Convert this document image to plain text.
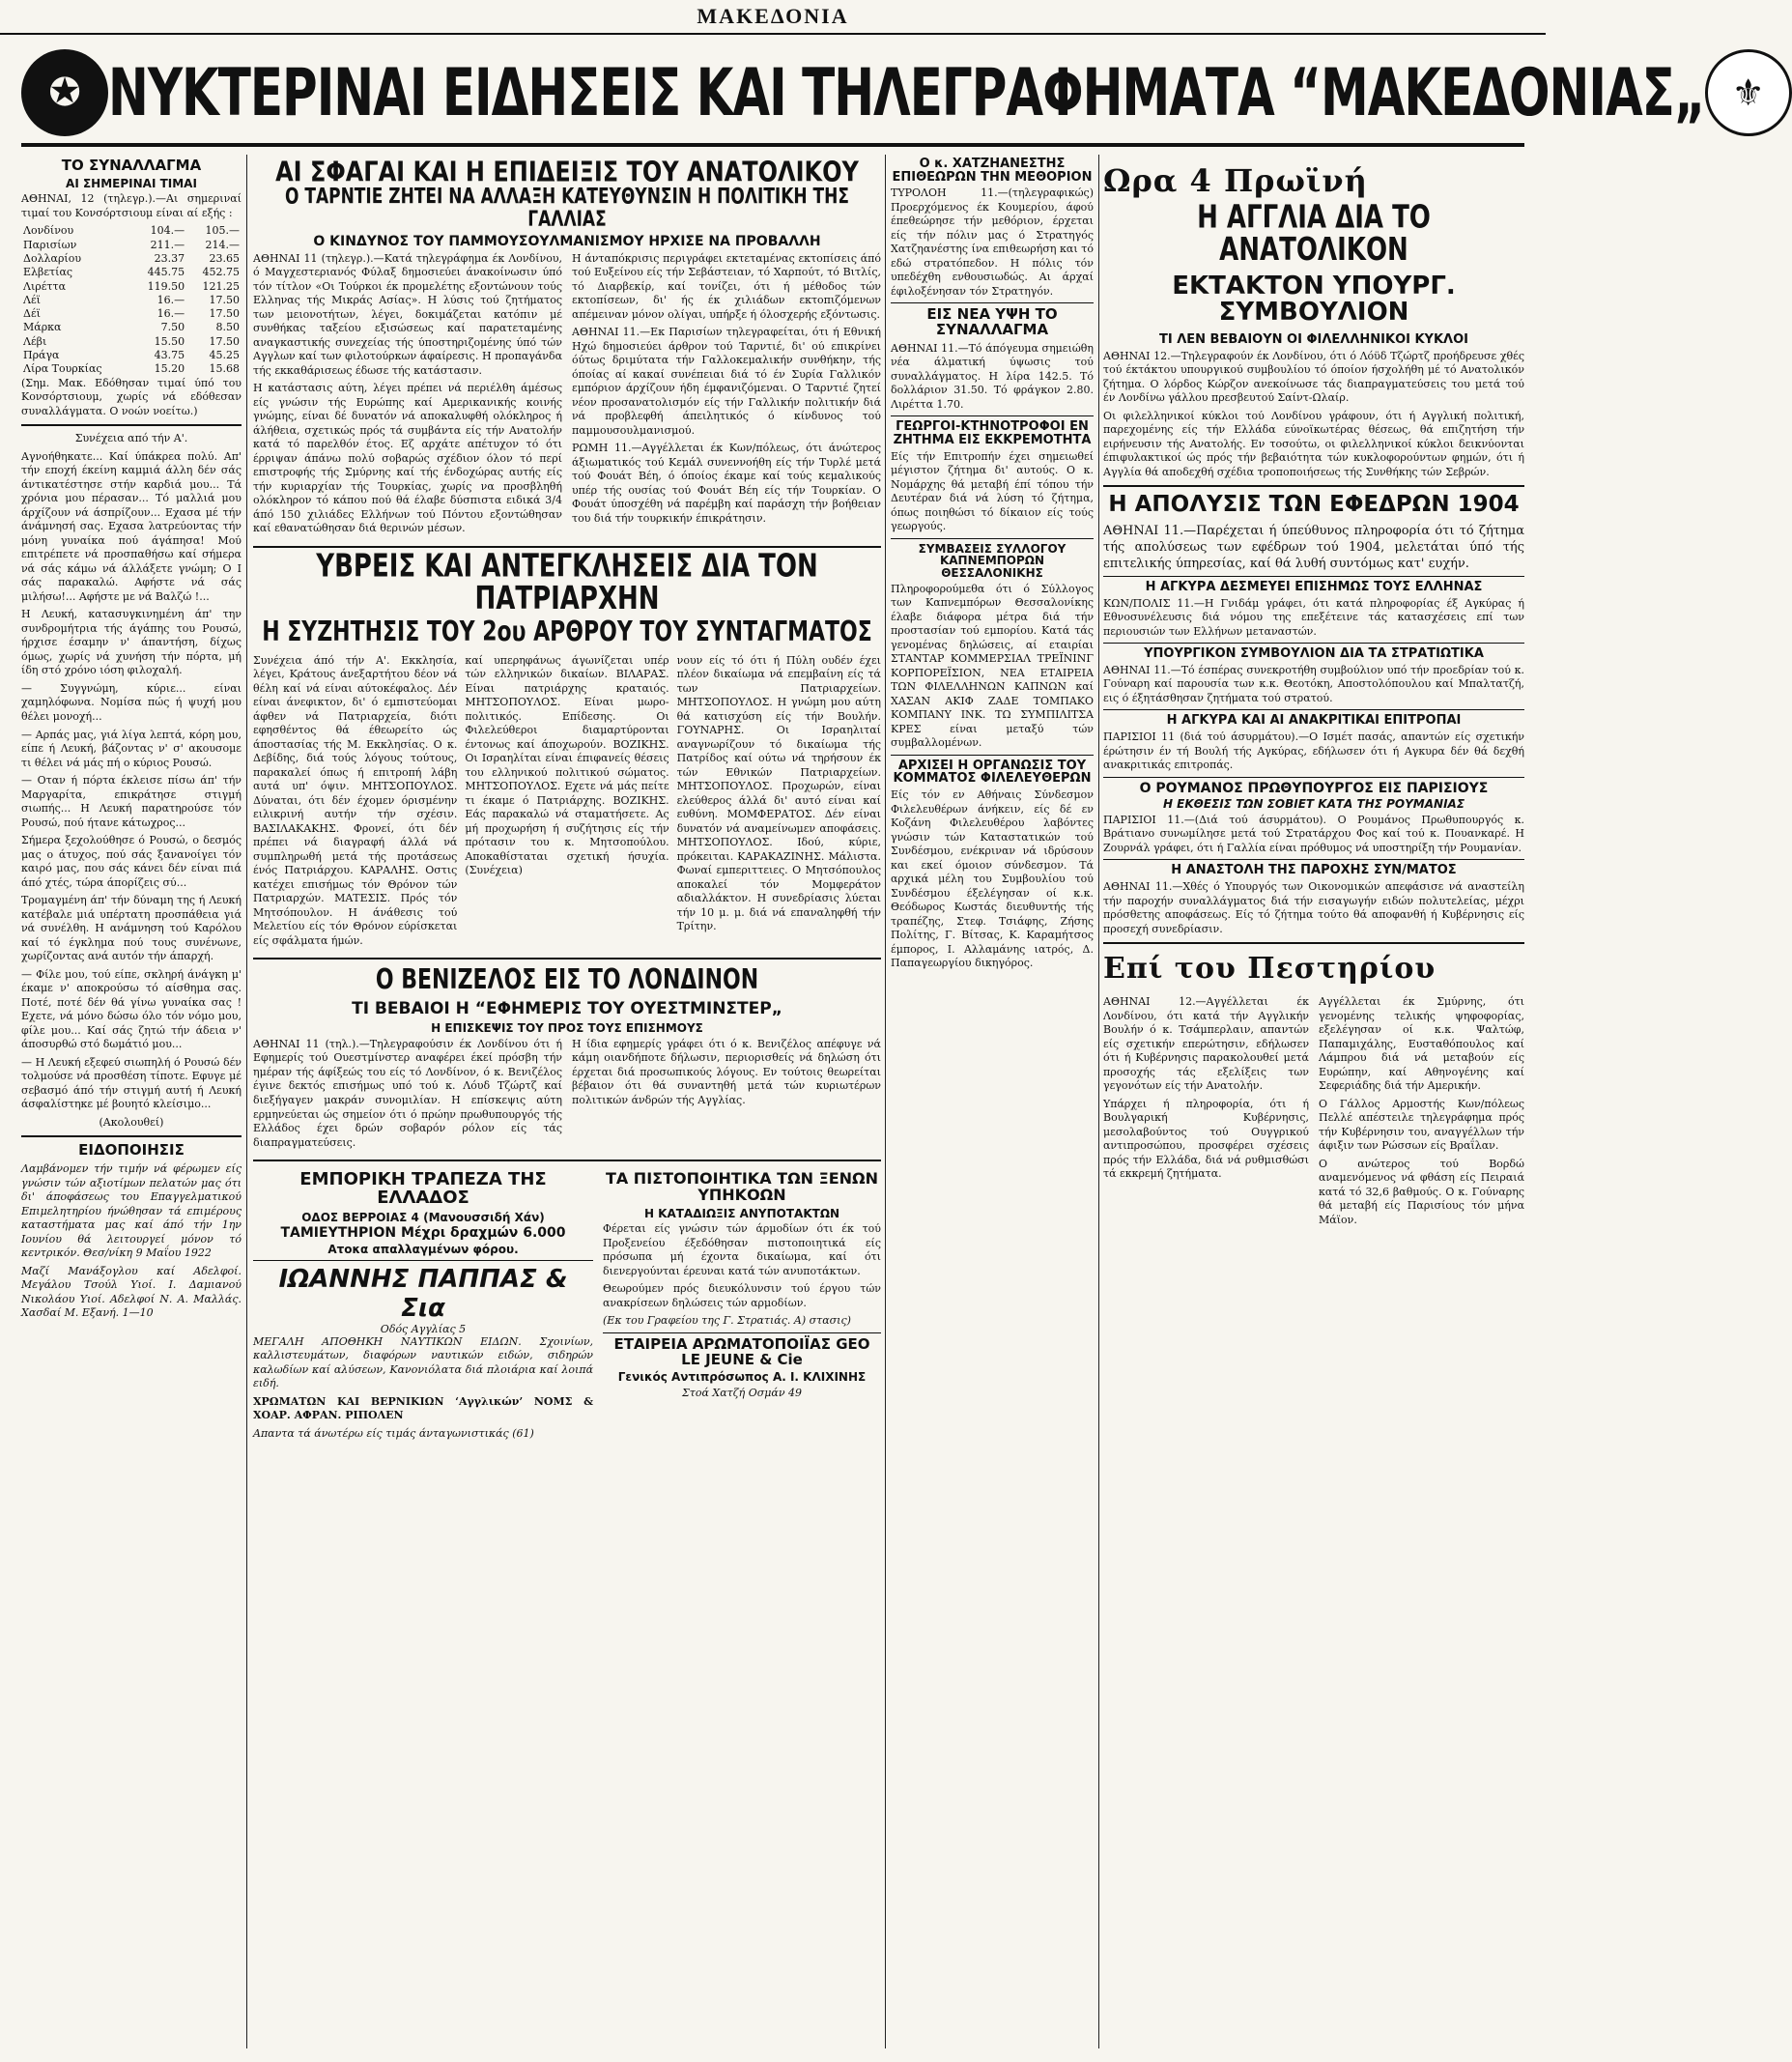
ΜΑΚΕΔΟΝΙΑ
✪ ΝΥΚΤΕΡΙΝΑΙ ΕΙΔΗΣΕΙΣ ΚΑΙ ΤΗΛΕΓΡΑΦΗΜΑΤΑ “ΜΑΚΕΔΟΝΙΑΣ„ ⚜
ΤΟ ΣΥΝΑΛΛΑΓΜΑ
ΑΙ ΣΗΜΕΡΙΝΑΙ ΤΙΜΑΙ

ΑΘΗΝΑΙ, 12 (τηλεγρ.).—Αι σημεριναί τιμαί του Κονσόρτσιουμ είναι αί εξής :

Λονδίνου	104.—	105.—
Παρισίων	211.—	214.—
Δολλαρίου	23.37	23.65
Ελβετίας	445.75	452.75
Λιρέττα	119.50	121.25
Λέϊ	16.—	17.50
Δέϊ	16.—	17.50
Μάρκα	7.50	8.50
Λέβι	15.50	17.50
Πράγα	43.75	45.25
Λίρα Τουρκίας	15.20	15.68

(Σημ. Μακ. Εδόθησαν τιμαί ύπό του Κονσόρτσιουμ, χωρίς νά εδόθεσαν συναλλάγματα. Ο νοών νοείτω.)

Συνέχεια από τήν Α'.

Αγνοήθηκατε... Καί ύπάκρεα πολύ. Απ' τήν εποχή έκείνη καμμιά άλλη δέν σάς άντικατέστησε στήν καρδιά μου... Τά χρόνια μου πέρασαν... Τό μαλλιά μου άρχίζουν νά άσπρίζουν... Εχασα μέ τήν άνάμνησή σας. Εχασα λατρεύοντας τήν μόνη γυναίκα πού άγάπησα! Μού επιτρέπετε νά προσπαθήσω καί σήμερα νά σάς κάμω νά άλλάξετε γνώμη; Ο Ι σάς παρακαλώ. Αφήστε νά σάς μιλήσω!... Αφήστε με νά Βαλζώ !...

Η Λευκή, κατασυγκινημένη άπ' την συνδρομήτρια τής άγάπης του Ρουσώ, ήρχισε έσαμην ν' άπαντήση, δίχως όμως, χωρίς νά χυνήση τήν πόρτα, μή ίδη στό χρόνο ιόση φιλοχαλή.

— Συγγνώμη, κύριε... είναι χαμηλόφωνα. Νομίσα πώς ή ψυχή μου θέλει μονοχή...

— Αρπάς μας, γιά λίγα λεπτά, κόρη μου, είπε ή Λευκή, βάζοντας ν' σ' ακουσομε τι θέλει νά μάς πή ο κύριος Ρουσώ.

— Οταν ή πόρτα έκλεισε πίσω άπ' τήν Μαργαρίτα, επικράτησε στιγμή σιωπής... Η Λευκή παρατηρούσε τόν Ρουσώ, πού ήτανε κάτωχρος...

Σήμερα ξεχολούθησε ό Ρουσώ, ο δεσμός μας ο άτυχος, πού σάς ξανανοίγει τόν καιρό μας, που σάς κάνει δέν είναι πιά άπό χτές, τώρα άπορίζεις σύ...

Τρομαγμένη άπ' τήν δύναμη της ή Λευκή κατέβαλε μιά υπέρτατη προσπάθεια γιά νά συνέλθη. Η ανάμνηση τού Καρόλου καί τό έγκλημα πού τους συνένωνε, χωρίζοντας ανά αυτόν τήν άπαρχή.

— Φίλε μου, τού είπε, σκληρή άνάγκη μ' έκαμε ν' αποκρούσω τό αίσθημα σας. Ποτέ, ποτέ δέν θά γίνω γυναίκα σας ! Εχετε, νά μόνο δώσω όλο τόν νόμο μου, φίλε μου... Καί σάς ζητώ τήν άδεια ν' άποσυρθώ στό δωμάτιό μου...

— Η Λευκή εξεφεύ σιωπηλή ό Ρουσώ δέν τολμούσε νά προσθέση τίποτε. Εφυγε μέ σεβασμό άπό τήν στιγμή αυτή ή Λευκή άσφαλίστηκε μέ βουητό κλείσιμο...

(Ακολουθεί)

ΕΙΔΟΠΟΙΗΣΙΣ

Λαμβάνομεν τήν τιμήν νά φέρωμεν είς γνώσιν τών αξιοτίμων πελατών μας ότι δι' άποφάσεως του Επαγγελματικού Επιμελητηρίου ήνώθησαν τά επιμέρους καταστήματα μας καί άπό τήν 1ην Ιουνίου θά λειτουργεί μόνον τό κεντρικόν. Θεσ/νίκη 9 Μαΐου 1922

Μαζί Μανάξογλου καί Αδελφοί. Μεγάλου Τσούλ Υιοί. Ι. Δαμιανού Νικολάου Υιοί. Αδελφοί Ν. Α. Μαλλάς. Χασδαί Μ. Εξανή. 1—10

ΑΙ ΣΦΑΓΑΙ ΚΑΙ Η ΕΠΙΔΕΙΞΙΣ ΤΟΥ ΑΝΑΤΟΛΙΚΟΥ
Ο ΤΑΡΝΤΙΕ ΖΗΤΕΙ ΝΑ ΑΛΛΑΞΗ ΚΑΤΕΥΘΥΝΣΙΝ Η ΠΟΛΙΤΙΚΗ ΤΗΣ ΓΑΛΛΙΑΣ
Ο ΚΙΝΔΥΝΟΣ ΤΟΥ ΠΑΜΜΟΥΣΟΥΛΜΑΝΙΣΜΟΥ ΗΡΧΙΣΕ ΝΑ ΠΡΟΒΑΛΛΗ

ΑΘΗΝΑΙ 11 (τηλεγρ.).—Κατά τηλεγράφημα έκ Λονδίνου, ό Μαγχεστεριανός Φύλαξ δημοσιεύει άνακοίνωσιν ύπό τόν τίτλον «Οι Τούρκοι έκ προμελέτης εξοντώνουν τούς Ελληνας τής Μικράς Ασίας». Η λύσις τού ζητήματος των μειονοτήτων, λέγει, δοκιμάζεται κατόπιν μέ συνθήκας ταξείου εξισώσεως καί παρατεταμένης αναγκαστικής συνεχείας τής ύποστηριζομένης ύπό τών Αγγλων καί των φιλοτούρκων άφαίρεσις. Η προπαγάνδα τής εκκαθάρισεως έδωσε τής κατάστασιν.

Η κατάστασις αύτη, λέγει πρέπει νά περιέλθη άμέσως είς γνώσιν τής Ευρώπης καί Αμερικανικής κοινής γνώμης, είναι δέ δυνατόν νά αποκαλυφθή ολόκληρος ή άλήθεια, σχετικώς πρός τά συμβάντα είς τήν Ανατολήν κατά τό παρελθόν έτος. Εζ αρχάτε απέτυχον τό ότι έρριψαν άπάνω πολύ σοβαρώς σχέδιον όλον τό περί επιστροφής τής Σμύρνης καί τής ένδοχώρας αυτής είς τήν κυριαρχίαν τής Τουρκίας, χωρίς να προσβληθή ολόκληρον τό κάπου πού θά έλαβε δύσπιστα ειδικά 3/4 άπό 150 χιλιάδες Ελλήνων τού Πόντου εξοντώθησαν καί εθανατώθησαν διά θερινών μέσων.

Η άνταπόκρισις περιγράφει εκτεταμένας εκτοπίσεις άπό τού Ευξείνου είς τήν Σεβάστειαν, τό Χαρπούτ, τό Βιτλίς, τό Διαρβεκίρ, καί τονίζει, ότι ή μέθοδος τών εκτοπίσεων, δι' ής έκ χιλιάδων εκτοπιζόμενων απέμειναν μόνον ολίγαι, υπήρξε ή όλοσχερής εξόντωσις.

ΑΘΗΝΑΙ 11.—Εκ Παρισίων τηλεγραφείται, ότι ή Εθνική Ηχώ δημοσιεύει άρθρον τού Ταρντιέ, δι' ού επικρίνει όύτως δριμύτατα τήν Γαλλοκεμαλικήν συνθήκην, τής όποίας αί κακαί συνέπειαι διά τό έν Συρία Γαλλικόν εμπόριον άρχίζουν ήδη έμφανιζόμεναι. Ο Ταρντιέ ζητεί νέον προσανατολισμόν είς τήν Γαλλικήν πολιτικήν διά νά προβλεφθή άπειλητικός ό κίνδυνος τού παμμουσουλμανισμού.

ΡΩΜΗ 11.—Αγγέλλεται έκ Κων/πόλεως, ότι άνώτερος άξιωματικός τού Κεμάλ συνεννοήθη είς τήν Τυρλέ μετά τού Φουάτ Βέη, ό όποίος έκαμε καί τούς κεμαλικούς υπέρ τής ουσίας τού Φουάτ Βέη είς τήν Τουρκίαν. Ο Φουάτ ύποσχέθη νά παρέμβη καί παράσχη τήν βοήθειαν του διά τήν τουρκικήν έπικράτησιν.

ΥΒΡΕΙΣ ΚΑΙ ΑΝΤΕΓΚΛΗΣΕΙΣ ΔΙΑ ΤΟΝ ΠΑΤΡΙΑΡΧΗΝ
Η ΣΥΖΗΤΗΣΙΣ ΤΟΥ 2ου ΑΡΘΡΟΥ ΤΟΥ ΣΥΝΤΑΓΜΑΤΟΣ

Συνέχεια άπό τήν Α'. Εκκλησία, λέγει, Κράτους άνεξαρτήτου δέον νά θέλη καί νά είναι αύτοκέφαλος. Δέν είναι άνεφικτον, δι' ό εμπιστεύομαι άφθεν νά Πατριαρχεία, διότι εφησθέντος θά έθεωρείτο ώς άποστασίας τής Μ. Εκκλησίας. Ο κ. Δεβίδης, διά τούς λόγους τούτους, παρακαλεί όπως ή επιτροπή λάβη αυτά υπ' όψιν. ΜΗΤΣΟΠΟΥΛΟΣ. Δύναται, ότι δέν έχομεν όρισμένην ειλικρινή αυτήν τήν σχέσιν. ΒΑΣΙΛΑΚΑΚΗΣ. Φρονεί, ότι δέν πρέπει νά διαγραφή άλλά νά συμπληρωθή μετά τής προτάσεως ένός Πατριάρχου. ΚΑΡΑΛΗΣ. Οστις κατέχει επισήμως τόν Θρόνον τών Πατριαρχών. ΜΑΤΕΣΙΣ. Πρός τόν Μητσόπουλον. Η άνάθεσις τού Μελετίου είς τόν Θρόνον εύρίσκεται είς σφάλματα ήμών.

καί υπερηφάνως άγωνίζεται υπέρ τών ελληνικών δικαίων. ΒΙΛΑΡΑΣ. Είναι πατριάρχης κραταιός. ΜΗΤΣΟΠΟΥΛΟΣ. Είναι μωρο-πολιτικός. Επίδεσης. Οι Φιλελεύθεροι διαμαρτύρονται έντονως καί άποχωρούν. ΒΟΖΙΚΗΣ. Οι Ισραηλίται είναι έπιφανείς θέσεις του ελληνικού πολιτικού σώματος. ΜΗΤΣΟΠΟΥΛΟΣ. Εχετε νά μάς πείτε τι έκαμε ό Πατριάρχης. ΒΟΖΙΚΗΣ. Εάς παρακαλώ νά σταματήσετε. Ας μή προχωρήση ή συζήτησις είς τήν πρότασιν του κ. Μητσοπούλου. Αποκαθίσταται σχετική ήσυχία. (Συνέχεια)

νουν είς τό ότι ή Πύλη ουδέν έχει πλέον δικαίωμα νά επεμβαίνη είς τά των Πατριαρχείων. ΜΗΤΣΟΠΟΥΛΟΣ. Η γνώμη μου αύτη θά κατισχύση είς τήν Βουλήν. ΓΟΥΝΑΡΗΣ. Οι Ισραηλιταί αναγνωρίζουν τό δικαίωμα τής Πατρίδος καί ούτω νά τηρήσουν έκ τών Εθνικών Πατριαρχείων. ΜΗΤΣΟΠΟΥΛΟΣ. Προχωρών, είναι ελεύθερος άλλά δι' αυτό είναι καί ευθύνη. ΜΟΜΦΕΡΑΤΟΣ. Δέν είναι δυνατόν νά αναμείνωμεν αποφάσεις. ΜΗΤΣΟΠΟΥΛΟΣ. Ιδού, κύριε, πρόκειται. ΚΑΡΑΚΑΖΙΝΗΣ. Μάλιστα. Φωναί εμπεριττειες. Ο Μητσόπουλος αποκαλεί τόν Μομφεράτον αδιαλλάκτον. Η συνεδρίασις λύεται τήν 10 μ. μ. διά νά επαναληφθή τήν Τρίτην.

Ο ΒΕΝΙΖΕΛΟΣ ΕΙΣ ΤΟ ΛΟΝΔΙΝΟΝ
ΤΙ ΒΕΒΑΙΟΙ Η “ΕΦΗΜΕΡΙΣ ΤΟΥ ΟΥΕΣΤΜΙΝΣΤΕΡ„
Η ΕΠΙΣΚΕΨΙΣ ΤΟΥ ΠΡΟΣ ΤΟΥΣ ΕΠΙΣΗΜΟΥΣ

ΑΘΗΝΑΙ 11 (τηλ.).—Τηλεγραφούσιν έκ Λονδίνου ότι ή Εφημερίς τού Ουεστμίνστερ αναφέρει έκεί πρόσβη τήν ημέραν τής άφίξεώς του είς τό Λονδίνον, ό κ. Βενιζέλος έγινε δεκτός επισήμως υπό τού κ. Λόυδ Τζώρτζ καί διεξήγαγεν μακράν συνομιλίαν. Η επίσκεψις αύτη ερμηνεύεται ώς σημείον ότι ό πρώην πρωθυπουργός τής Ελλάδος έχει δρών σοβαρόν ρόλον είς τάς διαπραγματεύσεις.

Η ίδια εφημερίς γράφει ότι ό κ. Βενιζέλος απέφυγε νά κάμη οιανδήποτε δήλωσιν, περιορισθείς νά δηλώση ότι έρχεται διά προσωπικούς λόγους. Εν τούτοις θεωρείται βέβαιον ότι θά συναντηθή μετά τών κυριωτέρων πολιτικών άνδρών τής Αγγλίας.

ΕΜΠΟΡΙΚΗ ΤΡΑΠΕΖΑ ΤΗΣ ΕΛΛΑΔΟΣ
ΟΔΟΣ ΒΕΡΡΟΙΑΣ 4 (Μανουσσιδή Χάν)
ΤΑΜΙΕΥΤΗΡΙΟΝ Μέχρι δραχμών 6.000
Ατοκα απαλλαγμένων φόρου.
ΙΩΑΝΝΗΣ ΠΑΠΠΑΣ & Σια
Οδός Αγγλίας 5

ΜΕΓΑΛΗ ΑΠΟΘΗΚΗ ΝΑΥΤΙΚΩΝ ΕΙΔΩΝ. Σχοινίων, καλλιστευμάτων, διαφόρων ναυτικών ειδών, σιδηρών καλωδίων καί αλύσεων, Κανονιόλατα διά πλοιάρια καί λοιπά ειδή.

ΧΡΩΜΑΤΩΝ ΚΑΙ ΒΕΡΝΙΚΙΩΝ ‘Αγγλικών’ ΝΟΜΣ & ΧΟΑΡ. ΑΦΡΑΝ. ΡΙΠΟΛΕΝ

Απαντα τά άνωτέρω είς τιμάς άνταγωνιστικάς (61)

ΤΑ ΠΙΣΤΟΠΟΙΗΤΙΚΑ ΤΩΝ ΞΕΝΩΝ ΥΠΗΚΟΩΝ
Η ΚΑΤΑΔΙΩΞΙΣ ΑΝΥΠΟΤΑΚΤΩΝ

Φέρεται είς γνώσιν τών άρμοδίων ότι έκ τού Προξενείου έξεδόθησαν πιστοποιητικά είς πρόσωπα μή έχοντα δικαίωμα, καί ότι διενεργούνται έρευναι κατά τών ανυποτάκτων.

Θεωρούμεν πρός διευκόλυνσιν τού έργου τών ανακρίσεων δηλώσεις τών αρμοδίων.

(Εκ του Γραφείου της Γ. Στρατιάς. Α) στασις)

ΕΤΑΙΡΕΙΑ ΑΡΩΜΑΤΟΠΟΙΪΑΣ GEO LE JEUNE & Cie
Γενικός Αντιπρόσωπος Α. Ι. ΚΛΙΧΙΝΗΣ
Στοά Χατζή Οσμάν 49
Ο κ. ΧΑΤΖΗΑΝΕΣΤΗΣ ΕΠΙΘΕΩΡΩΝ ΤΗΝ ΜΕΘΟΡΙΟΝ

ΤΥΡΟΛΟΗ 11.—(τηλεγραφικώς) Προερχόμενος έκ Κουμερίου, άφού έπεθεώρησε τήν μεθόριον, έρχεται είς τήν πόλιν μας ό Στρατηγός Χατζηανέστης ίνα επιθεωρήση και τό εδώ στρατόπεδον. Η πόλις τόν υπεδέχθη ενθουσιωδώς. Αι άρχαί έφιλοξένησαν τόν Στρατηγόν.

ΕΙΣ ΝΕΑ ΥΨΗ ΤΟ ΣΥΝΑΛΛΑΓΜΑ

ΑΘΗΝΑΙ 11.—Τό άπόγευμα σημειώθη νέα άλματική ύψωσις τού συναλλάγματος. Η λίρα 142.5. Τό δολλάριον 31.50. Τό φράγκον 2.80. Λιρέττα 1.70.

ΓΕΩΡΓΟΙ-ΚΤΗΝΟΤΡΟΦΟΙ ΕΝ ΖΗΤΗΜΑ ΕΙΣ ΕΚΚΡΕΜΟΤΗΤΑ

Είς τήν Επιτροπήν έχει σημειωθεί μέγιστον ζήτημα δι' αυτούς. Ο κ. Νομάρχης θά μεταβή έπί τόπου τήν Δευτέραν διά νά λύση τό ζήτημα, όπως ποιηθώσι τό δίκαιον είς τούς γεωργούς.

ΣΥΜΒΑΣΕΙΣ ΣΥΛΛΟΓΟΥ ΚΑΠΝΕΜΠΟΡΩΝ ΘΕΣΣΑΛΟΝΙΚΗΣ

Πληροφορούμεθα ότι ό Σύλλογος των Καπνεμπόρων Θεσσαλονίκης έλαβε διάφορα μέτρα διά τήν προστασίαν τού εμπορίου. Κατά τάς γενομένας δηλώσεις, αί εταιρίαι ΣΤΑΝΤΑΡ ΚΟΜΜΕΡΣΙΑΛ ΤΡΕΪΝΙΝΓ ΚΟΡΠΟΡΕΪΣΙΟΝ, ΝΕΑ ΕΤΑΙΡΕΙΑ ΤΩΝ ΦΙΛΕΛΛΗΝΩΝ ΚΑΠΝΩΝ καί ΧΑΣΑΝ ΑΚΙΦ ΖΑΔΕ ΤΟΜΠΑΚΟ ΚΟΜΠΑΝΥ ΙΝΚ. ΤΩ ΣΥΜΠΙΛΙΤΣΑ ΚΡΕΣ είναι μεταξύ τών συμβαλλομένων.

ΑΡΧΙΣΕΙ Η ΟΡΓΑΝΩΣΙΣ ΤΟΥ ΚΟΜΜΑΤΟΣ ΦΙΛΕΛΕΥΘΕΡΩΝ

Είς τόν εν Αθήναις Σύνδεσμον Φιλελευθέρων άνήκειν, είς δέ εν Κοζάνη Φιλελευθέρου λαβόντες γνώσιν τών Καταστατικών τού Συνδέσμου, ενέκριναν νά ιδρύσουν και εκεί όμοιον σύνδεσμον. Τά αρχικά μέλη του Συμβουλίου τού Συνδέσμου έξελέγησαν οί κ.κ. Θεόδωρος Κωστάς διευθυντής τής τραπέζης, Στεφ. Τσιάφης, Ζήσης Πολίτης, Γ. Βίτσας, Κ. Καραμήτσος έμπορος, Ι. Αλλαμάνης ιατρός, Δ. Παπαγεωργίου δικηγόρος.

Ωρα 4 Πρωϊνή
Η ΑΓΓΛΙΑ ΔΙΑ ΤΟ ΑΝΑΤΟΛΙΚΟΝ
ΕΚΤΑΚΤΟΝ ΥΠΟΥΡΓ. ΣΥΜΒΟΥΛΙΟΝ
ΤΙ ΛΕΝ ΒΕΒΑΙΟΥΝ ΟΙ ΦΙΛΕΛΛΗΝΙΚΟΙ ΚΥΚΛΟΙ

ΑΘΗΝΑΙ 12.—Τηλεγραφούν έκ Λονδίνου, ότι ό Λόϋδ Τζώρτζ προήδρευσε χθές τού έκτάκτου υπουργικού συμβουλίου τό όποίον ήσχολήθη μέ τό Ανατολικόν ζήτημα. Ο λόρδος Κώρζον ανεκοίνωσε τάς διαπραγματεύσεις του μετά τού έν Λονδίνω γάλλου πρεσβευτού Σαίντ-Ωλαίρ.

Οι φιλελληνικοί κύκλοι τού Λονδίνου γράφουν, ότι ή Αγγλική πολιτική, παρεχομένης είς τήν Ελλάδα εύνοϊκωτέρας θέσεως, θά επιζητήση τήν ειρήνευσιν τής Ανατολής. Εν τοσούτω, οι φιλελληνικοί κύκλοι δεικνύονται έπιφυλακτικοί ώς πρός τήν βεβαιότητα τών κυκλοφορούντων φημών, ότι ή Αγγλία θά αποδεχθή σχέδια τροποποιήσεως τής Συνθήκης τών Σεβρών.

Η ΑΠΟΛΥΣΙΣ ΤΩΝ ΕΦΕΔΡΩΝ 1904

ΑΘΗΝΑΙ 11.—Παρέχεται ή ύπεύθυνος πληροφορία ότι τό ζήτημα τής απολύσεως των εφέδρων τού 1904, μελετάται ύπό τής επιτελικής ύπηρεσίας, καί θά λυθή συντόμως κατ' ευχήν.

Η ΑΓΚΥΡΑ ΔΕΣΜΕΥΕΙ ΕΠΙΣΗΜΩΣ ΤΟΥΣ ΕΛΛΗΝΑΣ

ΚΩΝ/ΠΟΛΙΣ 11.—Η Γνιδάμ γράφει, ότι κατά πληροφορίας έξ Αγκύρας ή Εθνοσυνέλευσις διά νόμου της επεξέτεινε τάς κατασχέσεις επί των περιουσιών των Ελλήνων μεταναστών.

ΥΠΟΥΡΓΙΚΟΝ ΣΥΜΒΟΥΛΙΟΝ ΔΙΑ ΤΑ ΣΤΡΑΤΙΩΤΙΚΑ

ΑΘΗΝΑΙ 11.—Τό έσπέρας συνεκροτήθη συμβούλιον υπό τήν προεδρίαν τού κ. Γούναρη καί παρουσία των κ.κ. Θεοτόκη, Αποστολόπουλου καί Μπαλτατζή, εις ό έξητάσθησαν ζητήματα τού στρατού.

Η ΑΓΚΥΡΑ ΚΑΙ ΑΙ ΑΝΑΚΡΙΤΙΚΑΙ ΕΠΙΤΡΟΠΑΙ

ΠΑΡΙΣΙΟΙ 11 (διά τού άσυρμάτου).—Ο Ισμέτ πασάς, απαντών είς σχετικήν έρώτησιν έν τή Βουλή τής Αγκύρας, εδήλωσεν ότι ή Αγκυρα δέν θά δεχθή ανακριτικάς επιτροπάς.

Ο ΡΟΥΜΑΝΟΣ ΠΡΩΘΥΠΟΥΡΓΟΣ ΕΙΣ ΠΑΡΙΣΙΟΥΣ
Η ΕΚΘΕΣΙΣ ΤΩΝ ΣΟΒΙΕΤ ΚΑΤΑ ΤΗΣ ΡΟΥΜΑΝΙΑΣ

ΠΑΡΙΣΙΟΙ 11.—(Διά τού άσυρμάτου). Ο Ρουμάνος Πρωθυπουργός κ. Βράτιανο συνωμίλησε μετά τού Στρατάρχου Φος καί τού κ. Πουανκαρέ. Η Ζουρνάλ γράφει, ότι ή Γαλλία είναι πρόθυμος νά υποστηρίξη τήν Ρουμανίαν.

Η ΑΝΑΣΤΟΛΗ ΤΗΣ ΠΑΡΟΧΗΣ ΣΥΝ/ΜΑΤΟΣ

ΑΘΗΝΑΙ 11.—Χθές ό Υπουργός των Οικονομικών απεφάσισε νά αναστείλη τήν παροχήν συναλλάγματος διά τήν εισαγωγήν ειδών πολυτελείας, μέχρι πρόσθετης αποφάσεως. Είς τό ζήτημα τούτο θά αποφανθή ή Κυβέρνησις είς προσεχή συνεδρίασιν.

Επί του Πεστηρίου

ΑΘΗΝΑΙ 12.—Αγγέλλεται έκ Λονδίνου, ότι κατά τήν Αγγλικήν Βουλήν ό κ. Τσάμπερλαιν, απαντών είς σχετικήν επερώτησιν, εδήλωσεν ότι ή Κυβέρνησις παρακολουθεί μετά προσοχής τάς εξελίξεις των γεγονότων είς τήν Ανατολήν.

Υπάρχει ή πληροφορία, ότι ή Βουλγαρική Κυβέρνησις, μεσολαβούντος τού Ουγγρικού αντιπροσώπου, προσφέρει σχέσεις πρός τήν Ελλάδα, διά νά ρυθμισθώσι τά εκκρεμή ζητήματα.

Αγγέλλεται έκ Σμύρνης, ότι γενομένης τελικής ψηφοφορίας, εξελέγησαν οί κ.κ. Ψαλτώφ, Παπαμιχάλης, Ευσταθόπουλος καί Λάμπρου διά νά μεταβούν είς Ευρώπην, καί Αθηνογένης καί Σεφεριάδης διά τήν Αμερικήν.

Ο Γάλλος Αρμοστής Κων/πόλεως Πελλέ απέστειλε τηλεγράφημα πρός τήν Κυβέρνησιν του, αναγγέλλων τήν άφιξιν των Ρώσσων είς Βραΐλαν.

Ο ανώτερος τού Βορδώ αναμενόμενος νά φθάση είς Πειραιά κατά τό 32,6 βαθμούς. Ο κ. Γούναρης θά μεταβή είς Παρισίους τόν μήνα Μάϊον.
